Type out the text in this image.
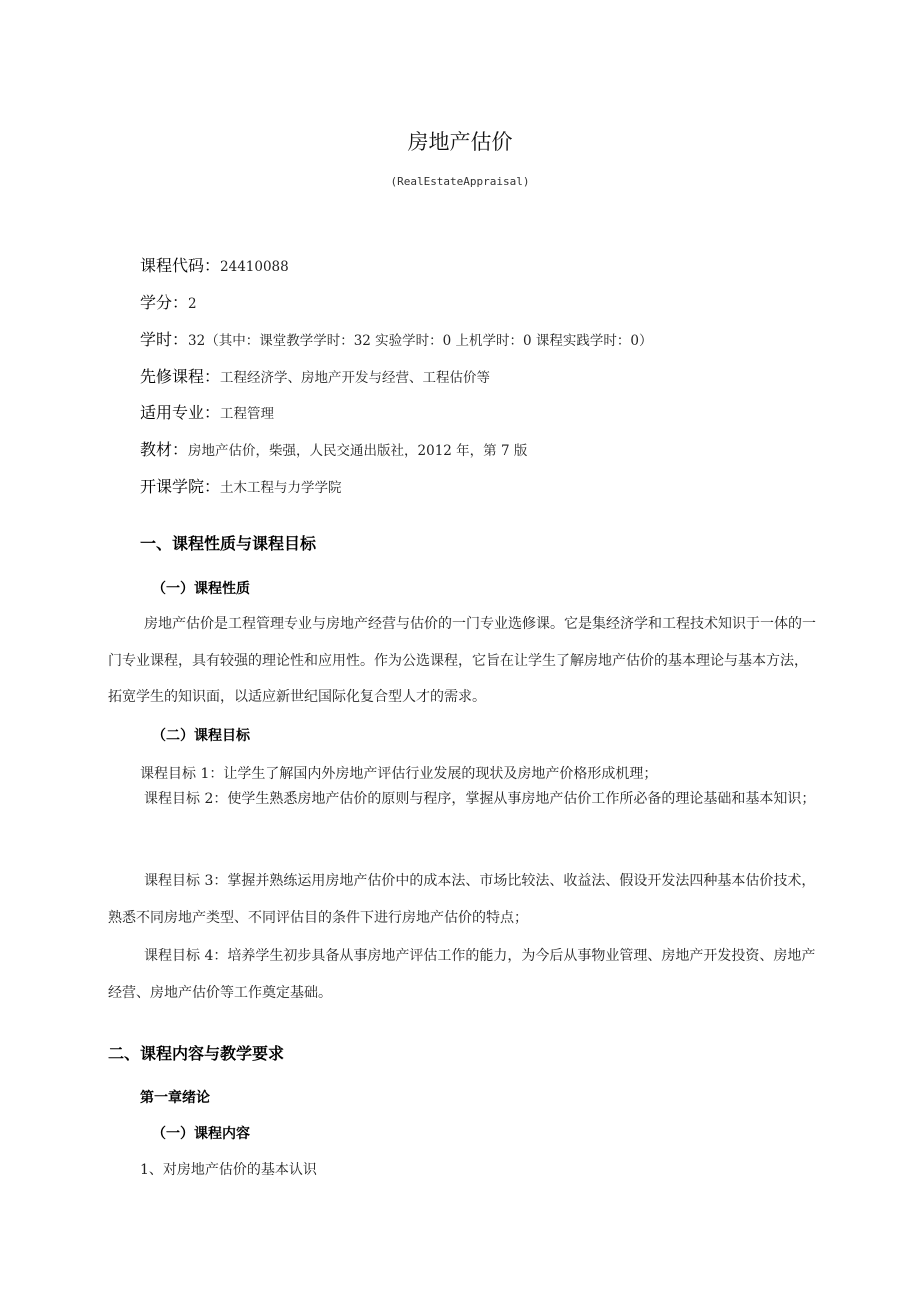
房地产估价
(RealEstateAppraisal)
课程代码：24410088
学分：2
学时：32（其中：课堂教学学时：32 实验学时：0 上机学时：0 课程实践学时：0）
先修课程：工程经济学、房地产开发与经营、工程估价等
适用专业：工程管理
教材：房地产估价，柴强，人民交通出版社，2012 年，第 7 版
开课学院：土木工程与力学学院
一、课程性质与课程目标
（一）课程性质
房地产估价是工程管理专业与房地产经营与估价的一门专业选修课。它是集经济学和工程技术知识于一体的一门专业课程，具有较强的理论性和应用性。作为公选课程，它旨在让学生了解房地产估价的基本理论与基本方法，拓宽学生的知识面，以适应新世纪国际化复合型人才的需求。
（二）课程目标
课程目标 1：让学生了解国内外房地产评估行业发展的现状及房地产价格形成机理；
课程目标 2：使学生熟悉房地产估价的原则与程序，掌握从事房地产估价工作所必备的理论基础和基本知识；
课程目标 3：掌握并熟练运用房地产估价中的成本法、市场比较法、收益法、假设开发法四种基本估价技术，熟悉不同房地产类型、不同评估目的条件下进行房地产估价的特点；
课程目标 4：培养学生初步具备从事房地产评估工作的能力，为今后从事物业管理、房地产开发投资、房地产经营、房地产估价等工作奠定基础。
二、课程内容与教学要求
第一章绪论
（一）课程内容
1、对房地产估价的基本认识
